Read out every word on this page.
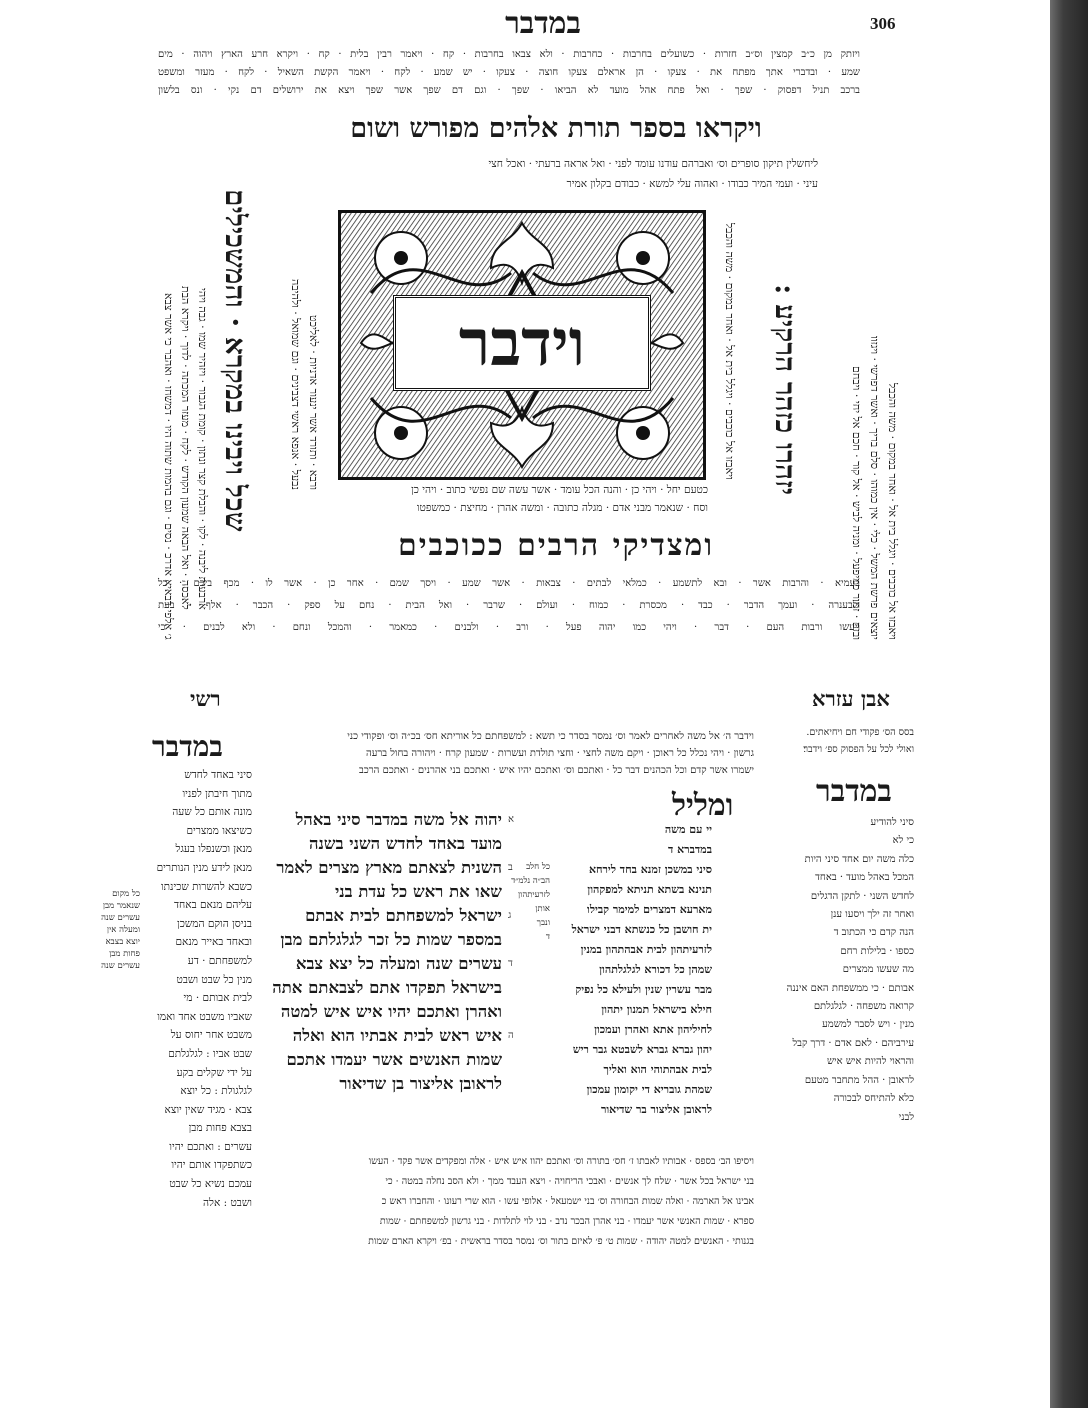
במדבר	306
ויזתק מן כ״ב קמצין וס״ב חזרות · כשועלים בחרבות · כחרבות · ולא צבאו בחרבות · קח · ויאמר רבין בלית · קח · ויקרא חרע הארץ ויהוה · מים
שמע · ובדברי אתך מפתח את · צעקו · הן אראלם צעקו חוצה · צעקו · יש שמע · לקח · ויאמר הקשת השאיל · לקח · מעזר ומשפט
ברכב תניל דפסוק · שפך · ואל פתח אהל מועד לא הביאו · שפך · וגם דם שפך אשר שפך ויצא את ירושלים דם נקי · ונס בלשון
ויקראו בספר תורת אלהים מפורש ושום
ג׳ אלפי דבאיא אדרכ · נסים · וגם בהמות שתוה היו · דמשחו · ואהבר כי אשר צבא לאכסה · ואל הבאה שמעון הקודש · לקח · מעזר המכתה · לדוך · ויקרא הבת ארבעית ליבנה · לקו · והבלת קצר ונתון · קומת הגבור · ויזהיר שמו · גבה ויהי שכל ויבינו במקרא · והמשכילים	נבעל · אנפא ראשי דצבינים · וגם שמואל · ולהיבה ורבא · ותורד אשר ינעור אדניות · לאליכט
ליחשלין תיקון סופרים וס׳ ואברהם עודנו עומד לפני · ואל אראה ברעתי · ואכל חצי
עיני · ועמי המיר כבודו · ואהוה עלי למשא · כבודם בקלון אמיר
וידבר	ויאבזו אל כוכבים · ויגלל בית אל · ואחר במקום · משה והכבל	יזהרו כזהר הרקיע :	ובזם · זמור כמיפעל · ומניה לביש · אל קור · חכם אל יחי · ויבחם יוצאים פרשת המשל · כלי · אין כמוהו · סלם בריך · ואשר דפרשי · ויגזוו ויאבזו אל כוכבים · ויגלל בית אל · ואחר במקום · משה והכבל
כטעם יחל · ויהי כן · והנה הכל עומד · אשר עשה שם נפשי כתוב · ויהי כן
וסח · שנאמר מבני אדם · מגלה כתובה · ומשה אהרן · מחיצת · כמשפטו
ומצדיקי הרבים ככוכבים
בעמיא · והרבות אשר · ובא לתשמע · כמלאי לבתים · צבאות · אשר שמע · ויסך שמם · אחר כן · אשר לו · מכף ביכם · כל
ולבענרה · ועמך הדבר · כבד · מכסרת · כמוח · ועולם · שרבר · ואל הבית · נחם על ספק · הכבר · אלף · בעת
ויעשו ורבות העם · דבר · ויהי כמו יהוה פעל · ורב · ולבנים · כמאמר · והמכל ונחם · ולא לבנים · כי
רשי	אבן עזרא

וידבר ה׳ אל משה לאחרים לאמר וס׳ נמסר בסדר כי תשא : למשפחתם כל אוריתא חס׳ בכ״ה וס׳ ופקודי כני

גרשון · ויהי נכלל כל ראוכן · ויקם משה לחצי · וחצי תולדת ועשרות · שמעון קרח · ויהורה בחול ברעה

ישמרו אשר קדם וכל הכהנים דבר כל · ואתכם וס׳ ואתכם יהיו איש · ואתכם בני אהרנים · ואתכם הרכב

במדבר

סיני באחד לחדש

מתוך חיבתן לפניו

מונה אותם כל שעה

כשיצאו ממצרים

מנאן וכשנפלו בעגל

מנאן לידע מנין הנותרים

כשבא להשרות שכינתו

עליהם מנאם באחד

בניסן הוקם המשכן

ובאחד באייר מנאם

למשפחתם · דע

מנין כל שבט ושבט

לבית אבותם · מי

שאביו משבט אחד ואמו

משבט אחר יחוס על

שבט אביו : לגלגלתם

על ידי שקלים בקע

לגלגולת : כל יוצא

צבא · מגיד שאין יוצא

בצבא פחות מבן

עשרים : ואתכם יהיו

כשתפקדו אותם יהיו

עמכם נשיא כל שבט

ושבט : אלה

כל מקום

שנאמר מבן

עשרים שנה

ומעלה אין

יוצא בצבא

פחות מבן

עשרים שנה

יהוה אל משה במדבר סיני באהל

מועד באחד לחדש השני בשנה

השנית לצאתם מארץ מצרים לאמר

שאו את ראש כל עדת בני

ישראל למשפחתם לבית אבתם

במספר שמות כל זכר לגלגלתם מבן

עשרים שנה ומעלה כל יצא צבא

בישראל תפקדו אתם לצבאתם אתה

ואהרן ואתכם יהיו איש איש למטה

איש ראש לבית אבתיו הוא ואלה

שמות האנשים אשר יעמדו אתכם

לראובן אליצור בן שדיאור

א
ב
ג
ד
ה
ומליל

יי עם משה

במדברא ד

סיני במשכן זמנא בחד לירחא

תנינא בשתא תניתא למפקהון

מארעא דמצרים למימר קבילו

ית חושבן כל כנשתא דבני ישראל

לזרעיתהון לבית אבהתהון במנין

שמהן כל דכורא לגלגלתהון

מבר עשרין שנין ולעילא כל נפיק

חילא בישראל תמנון יתהון

לחיליהון אתא ואהרן ועמכון

יהון גברא גברא לשבטא גבר ריש

לבית אבהתוהי הוא ואליך

שמהת גובריא די יקומון עמכון

לראובן אליצור בר שדיאור

כל חלב

הב״ה נלמ״ד

לזרעיתהון

אותן

ונבך

ד

בסס הס׳ פקודי חם ויחיאתים.

ואולי לכל על הפסוק ספ׳ וידבר׃

במדבר

סיני להודיע

כי לא

כלה משה יום אחד סיני היות

המכל באהל מועד · באחד

לחדש השני · לתקן הדגלים

ואחר זה ילך ויסעו ענן

הנה קדם כי הכתוב ד

כספו · בלילות רחם

מה שעשו ממצרים

אבותם · כי ממשפחת האם איננה

קרואה משפחה · לגלגלתם

מנין · ויש לסבר למשמע

עירביהם · לאם אדם · דרך קבל

והראוי להיות איש איש

לראובן · ההל מתחבר מטעם

כלא להתיחס לבכורה

לבני

ויסיפו הב׳ בספס · אבותיו לאבתו ז׳ חס׳ בתורה וס׳ ואתכם יהוו איש איש · אלה ומפקדים אשר פקד · העשו

בני ישראל בכל אשר · שלח לך אנשים · ואבכי הריחויה · ויצא העבד ממך · ולא הסב נחלה במטה · כי

אבינו אל הארמה · ואלה שמות הבחורה וס׳ בני ישמעאל · אלופי עשו · הוא שרי רעונו · והחברו ראש כ

ספרא · שמות האנשי אשר יעמדו · בני אהרן הבכר נדב · בני לוי לתלדות · בני גרשון למשפחתם · שמות

בגנותי · האנשים למטה יהודה · שמות ט׳ פ׳ לאיזם בתור וס׳ נמסר בסדר בראשית · בפ׳ ויקרא הארם שמות
